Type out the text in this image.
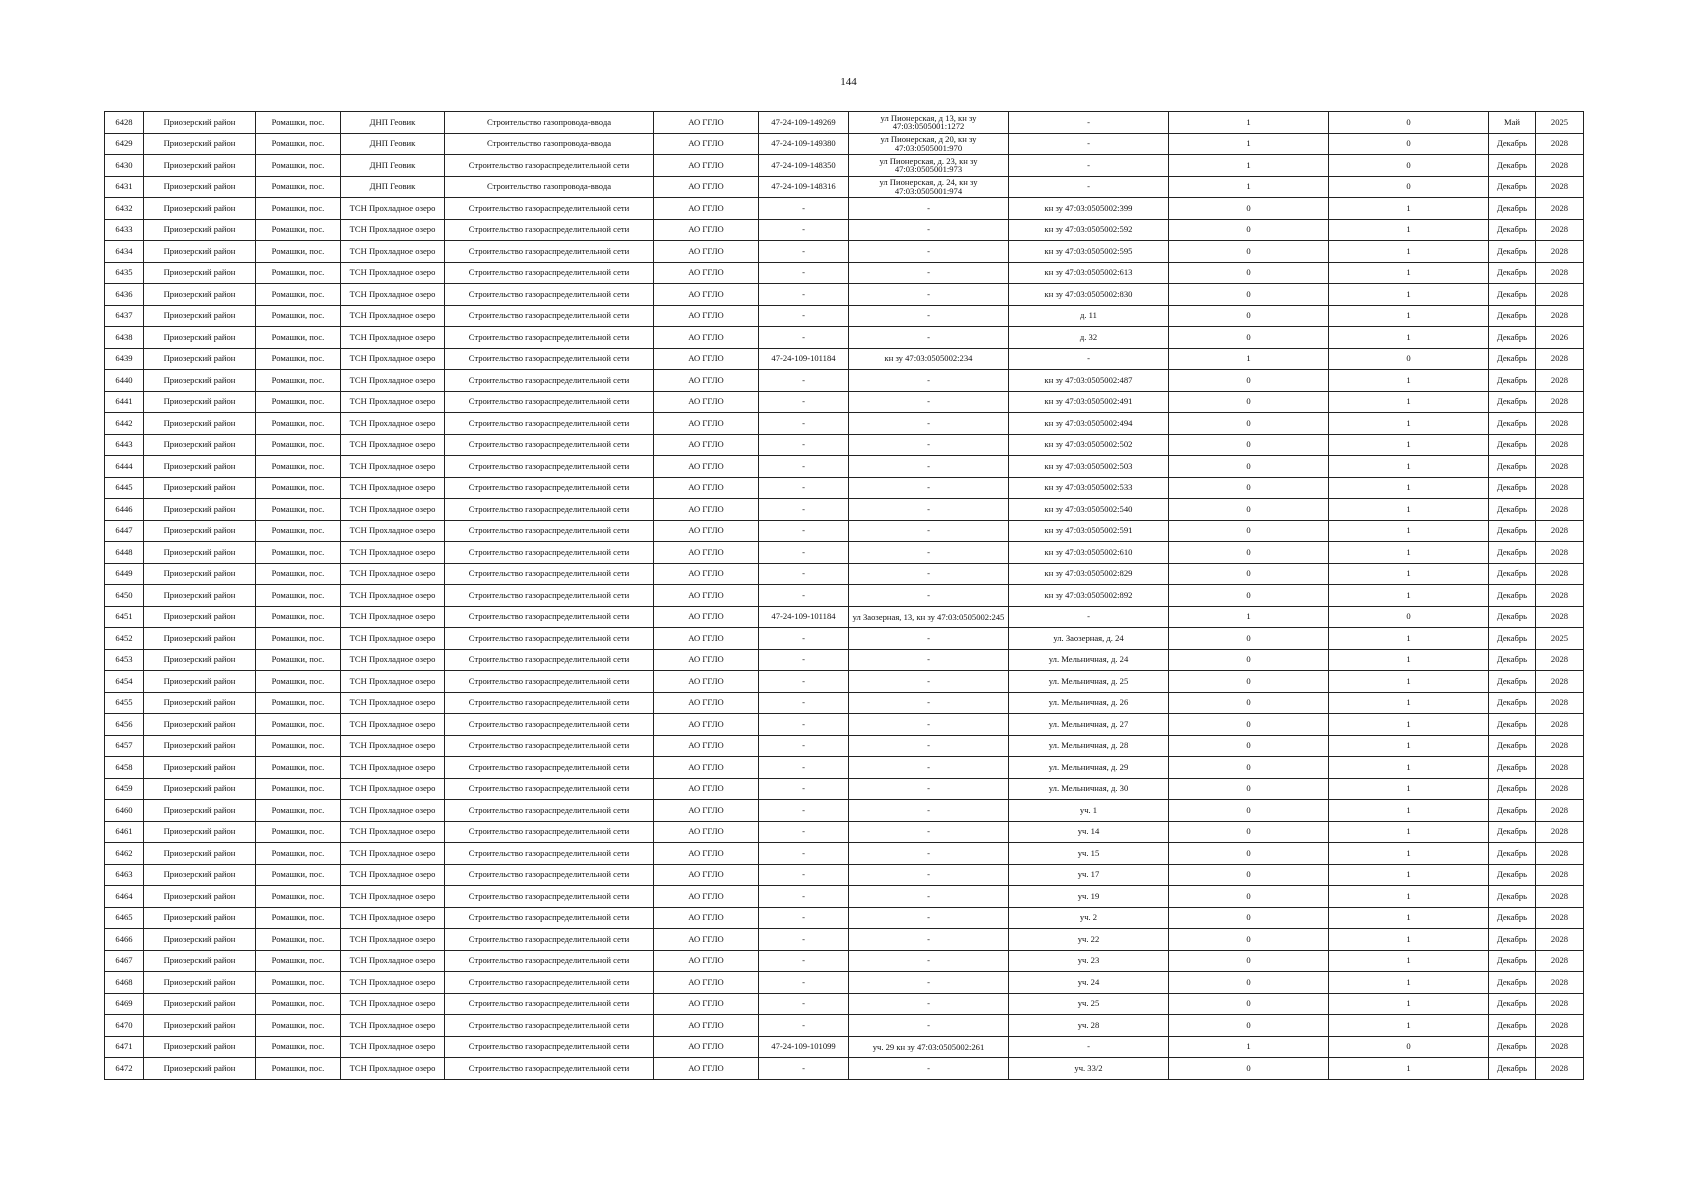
144
6428	Приозерский район	Ромашки, пос.	ДНП Геовик	Строительство газопровода-ввода	АО ГГЛО	47-24-109-149269	ул Пионерская, д 13, кн зу 47:03:0505001:1272	-	1	0	Май	2025
6429	Приозерский район	Ромашки, пос.	ДНП Геовик	Строительство газопровода-ввода	АО ГГЛО	47-24-109-149380	ул Пионерская, д 20, кн зу 47:03:0505001:970	-	1	0	Декабрь	2028
6430	Приозерский район	Ромашки, пос.	ДНП Геовик	Строительство газораспределительной сети	АО ГГЛО	47-24-109-148350	ул Пионерская, д. 23, кн зу 47:03:0505001:973	-	1	0	Декабрь	2028
6431	Приозерский район	Ромашки, пос.	ДНП Геовик	Строительство газопровода-ввода	АО ГГЛО	47-24-109-148316	ул Пионерская, д. 24, кн зу 47:03:0505001:974	-	1	0	Декабрь	2028
6432	Приозерский район	Ромашки, пос.	ТСН Прохладное озеро	Строительство газораспределительной сети	АО ГГЛО	-	-	кн зу 47:03:0505002:399	0	1	Декабрь	2028
6433	Приозерский район	Ромашки, пос.	ТСН Прохладное озеро	Строительство газораспределительной сети	АО ГГЛО	-	-	кн зу 47:03:0505002:592	0	1	Декабрь	2028
6434	Приозерский район	Ромашки, пос.	ТСН Прохладное озеро	Строительство газораспределительной сети	АО ГГЛО	-	-	кн зу 47:03:0505002:595	0	1	Декабрь	2028
6435	Приозерский район	Ромашки, пос.	ТСН Прохладное озеро	Строительство газораспределительной сети	АО ГГЛО	-	-	кн зу 47:03:0505002:613	0	1	Декабрь	2028
6436	Приозерский район	Ромашки, пос.	ТСН Прохладное озеро	Строительство газораспределительной сети	АО ГГЛО	-	-	кн зу 47:03:0505002:830	0	1	Декабрь	2028
6437	Приозерский район	Ромашки, пос.	ТСН Прохладное озеро	Строительство газораспределительной сети	АО ГГЛО	-	-	д. 11	0	1	Декабрь	2028
6438	Приозерский район	Ромашки, пос.	ТСН Прохладное озеро	Строительство газораспределительной сети	АО ГГЛО	-	-	д. 32	0	1	Декабрь	2026
6439	Приозерский район	Ромашки, пос.	ТСН Прохладное озеро	Строительство газораспределительной сети	АО ГГЛО	47-24-109-101184	кн зу 47:03:0505002:234	-	1	0	Декабрь	2028
6440	Приозерский район	Ромашки, пос.	ТСН Прохладное озеро	Строительство газораспределительной сети	АО ГГЛО	-	-	кн зу 47:03:0505002:487	0	1	Декабрь	2028
6441	Приозерский район	Ромашки, пос.	ТСН Прохладное озеро	Строительство газораспределительной сети	АО ГГЛО	-	-	кн зу 47:03:0505002:491	0	1	Декабрь	2028
6442	Приозерский район	Ромашки, пос.	ТСН Прохладное озеро	Строительство газораспределительной сети	АО ГГЛО	-	-	кн зу 47:03:0505002:494	0	1	Декабрь	2028
6443	Приозерский район	Ромашки, пос.	ТСН Прохладное озеро	Строительство газораспределительной сети	АО ГГЛО	-	-	кн зу 47:03:0505002:502	0	1	Декабрь	2028
6444	Приозерский район	Ромашки, пос.	ТСН Прохладное озеро	Строительство газораспределительной сети	АО ГГЛО	-	-	кн зу 47:03:0505002:503	0	1	Декабрь	2028
6445	Приозерский район	Ромашки, пос.	ТСН Прохладное озеро	Строительство газораспределительной сети	АО ГГЛО	-	-	кн зу 47:03:0505002:533	0	1	Декабрь	2028
6446	Приозерский район	Ромашки, пос.	ТСН Прохладное озеро	Строительство газораспределительной сети	АО ГГЛО	-	-	кн зу 47:03:0505002:540	0	1	Декабрь	2028
6447	Приозерский район	Ромашки, пос.	ТСН Прохладное озеро	Строительство газораспределительной сети	АО ГГЛО	-	-	кн зу 47:03:0505002:591	0	1	Декабрь	2028
6448	Приозерский район	Ромашки, пос.	ТСН Прохладное озеро	Строительство газораспределительной сети	АО ГГЛО	-	-	кн зу 47:03:0505002:610	0	1	Декабрь	2028
6449	Приозерский район	Ромашки, пос.	ТСН Прохладное озеро	Строительство газораспределительной сети	АО ГГЛО	-	-	кн зу 47:03:0505002:829	0	1	Декабрь	2028
6450	Приозерский район	Ромашки, пос.	ТСН Прохладное озеро	Строительство газораспределительной сети	АО ГГЛО	-	-	кн зу 47:03:0505002:892	0	1	Декабрь	2028
6451	Приозерский район	Ромашки, пос.	ТСН Прохладное озеро	Строительство газораспределительной сети	АО ГГЛО	47-24-109-101184	ул Заозерная, 13, кн зу 47:03:0505002:245	-	1	0	Декабрь	2028
6452	Приозерский район	Ромашки, пос.	ТСН Прохладное озеро	Строительство газораспределительной сети	АО ГГЛО	-	-	ул. Заозерная, д. 24	0	1	Декабрь	2025
6453	Приозерский район	Ромашки, пос.	ТСН Прохладное озеро	Строительство газораспределительной сети	АО ГГЛО	-	-	ул. Мельничная, д. 24	0	1	Декабрь	2028
6454	Приозерский район	Ромашки, пос.	ТСН Прохладное озеро	Строительство газораспределительной сети	АО ГГЛО	-	-	ул. Мельничная, д. 25	0	1	Декабрь	2028
6455	Приозерский район	Ромашки, пос.	ТСН Прохладное озеро	Строительство газораспределительной сети	АО ГГЛО	-	-	ул. Мельничная, д. 26	0	1	Декабрь	2028
6456	Приозерский район	Ромашки, пос.	ТСН Прохладное озеро	Строительство газораспределительной сети	АО ГГЛО	-	-	ул. Мельничная, д. 27	0	1	Декабрь	2028
6457	Приозерский район	Ромашки, пос.	ТСН Прохладное озеро	Строительство газораспределительной сети	АО ГГЛО	-	-	ул. Мельничная, д. 28	0	1	Декабрь	2028
6458	Приозерский район	Ромашки, пос.	ТСН Прохладное озеро	Строительство газораспределительной сети	АО ГГЛО	-	-	ул. Мельничная, д. 29	0	1	Декабрь	2028
6459	Приозерский район	Ромашки, пос.	ТСН Прохладное озеро	Строительство газораспределительной сети	АО ГГЛО	-	-	ул. Мельничная, д. 30	0	1	Декабрь	2028
6460	Приозерский район	Ромашки, пос.	ТСН Прохладное озеро	Строительство газораспределительной сети	АО ГГЛО	-	-	уч. 1	0	1	Декабрь	2028
6461	Приозерский район	Ромашки, пос.	ТСН Прохладное озеро	Строительство газораспределительной сети	АО ГГЛО	-	-	уч. 14	0	1	Декабрь	2028
6462	Приозерский район	Ромашки, пос.	ТСН Прохладное озеро	Строительство газораспределительной сети	АО ГГЛО	-	-	уч. 15	0	1	Декабрь	2028
6463	Приозерский район	Ромашки, пос.	ТСН Прохладное озеро	Строительство газораспределительной сети	АО ГГЛО	-	-	уч. 17	0	1	Декабрь	2028
6464	Приозерский район	Ромашки, пос.	ТСН Прохладное озеро	Строительство газораспределительной сети	АО ГГЛО	-	-	уч. 19	0	1	Декабрь	2028
6465	Приозерский район	Ромашки, пос.	ТСН Прохладное озеро	Строительство газораспределительной сети	АО ГГЛО	-	-	уч. 2	0	1	Декабрь	2028
6466	Приозерский район	Ромашки, пос.	ТСН Прохладное озеро	Строительство газораспределительной сети	АО ГГЛО	-	-	уч. 22	0	1	Декабрь	2028
6467	Приозерский район	Ромашки, пос.	ТСН Прохладное озеро	Строительство газораспределительной сети	АО ГГЛО	-	-	уч. 23	0	1	Декабрь	2028
6468	Приозерский район	Ромашки, пос.	ТСН Прохладное озеро	Строительство газораспределительной сети	АО ГГЛО	-	-	уч. 24	0	1	Декабрь	2028
6469	Приозерский район	Ромашки, пос.	ТСН Прохладное озеро	Строительство газораспределительной сети	АО ГГЛО	-	-	уч. 25	0	1	Декабрь	2028
6470	Приозерский район	Ромашки, пос.	ТСН Прохладное озеро	Строительство газораспределительной сети	АО ГГЛО	-	-	уч. 28	0	1	Декабрь	2028
6471	Приозерский район	Ромашки, пос.	ТСН Прохладное озеро	Строительство газораспределительной сети	АО ГГЛО	47-24-109-101099	уч. 29 кн зу 47:03:0505002:261	-	1	0	Декабрь	2028
6472	Приозерский район	Ромашки, пос.	ТСН Прохладное озеро	Строительство газораспределительной сети	АО ГГЛО	-	-	уч. 33/2	0	1	Декабрь	2028
